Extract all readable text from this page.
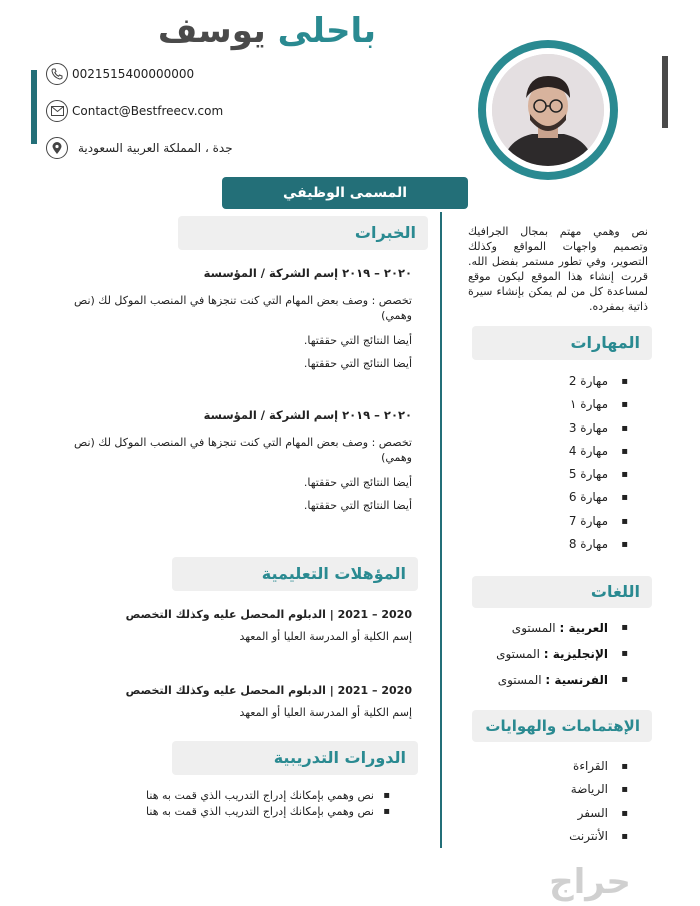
باحلى يوسف
0021515400000000
Contact@Bestfreecv.com
جدة ، المملكة العربية السعودية
المسمى الوظيفي
نص وهمي مهتم بمجال الجرافيك وتصميم واجهات المواقع وكذلك التصوير، وفي تطور مستمر بفضل الله. قررت إنشاء هذا الموقع ليكون موقع لمساعدة كل من لم يمكن بإنشاء سيرة ذاتية بمفرده.
المهارات
▪ مهارة 2
▪ مهارة ١
▪ مهارة 3
▪ مهارة 4
▪ مهارة 5
▪ مهارة 6
▪ مهارة 7
▪ مهارة 8
اللغات
▪ العربية : المستوى
▪ الإنجليزية : المستوى
▪ الفرنسية : المستوى
الإهتمامات والهوايات
▪ القراءة
▪ الرياضة
▪ السفر
▪ الأنترنت
الخبرات
٢٠٢٠ – ٢٠١٩ إسم الشركة / المؤسسة
تخصص : وصف بعض المهام التي كنت تنجزها في المنصب الموكل لك (نص وهمي)
أيضا النتائج التي حققتها.
أيضا النتائج التي حققتها.
٢٠٢٠ – ٢٠١٩ إسم الشركة / المؤسسة
تخصص : وصف بعض المهام التي كنت تنجزها في المنصب الموكل لك (نص وهمي)
أيضا النتائج التي حققتها.
أيضا النتائج التي حققتها.
المؤهلات التعليمية
2020 – 2021 | الدبلوم المحصل عليه وكذلك التخصص
إسم الكلية أو المدرسة العليا أو المعهد
2020 – 2021 | الدبلوم المحصل عليه وكذلك التخصص
إسم الكلية أو المدرسة العليا أو المعهد
الدورات التدريبية
▪ نص وهمي بإمكانك إدراج التدريب الذي قمت به هنا
▪ نص وهمي بإمكانك إدراج التدريب الذي قمت به هنا
حراج
